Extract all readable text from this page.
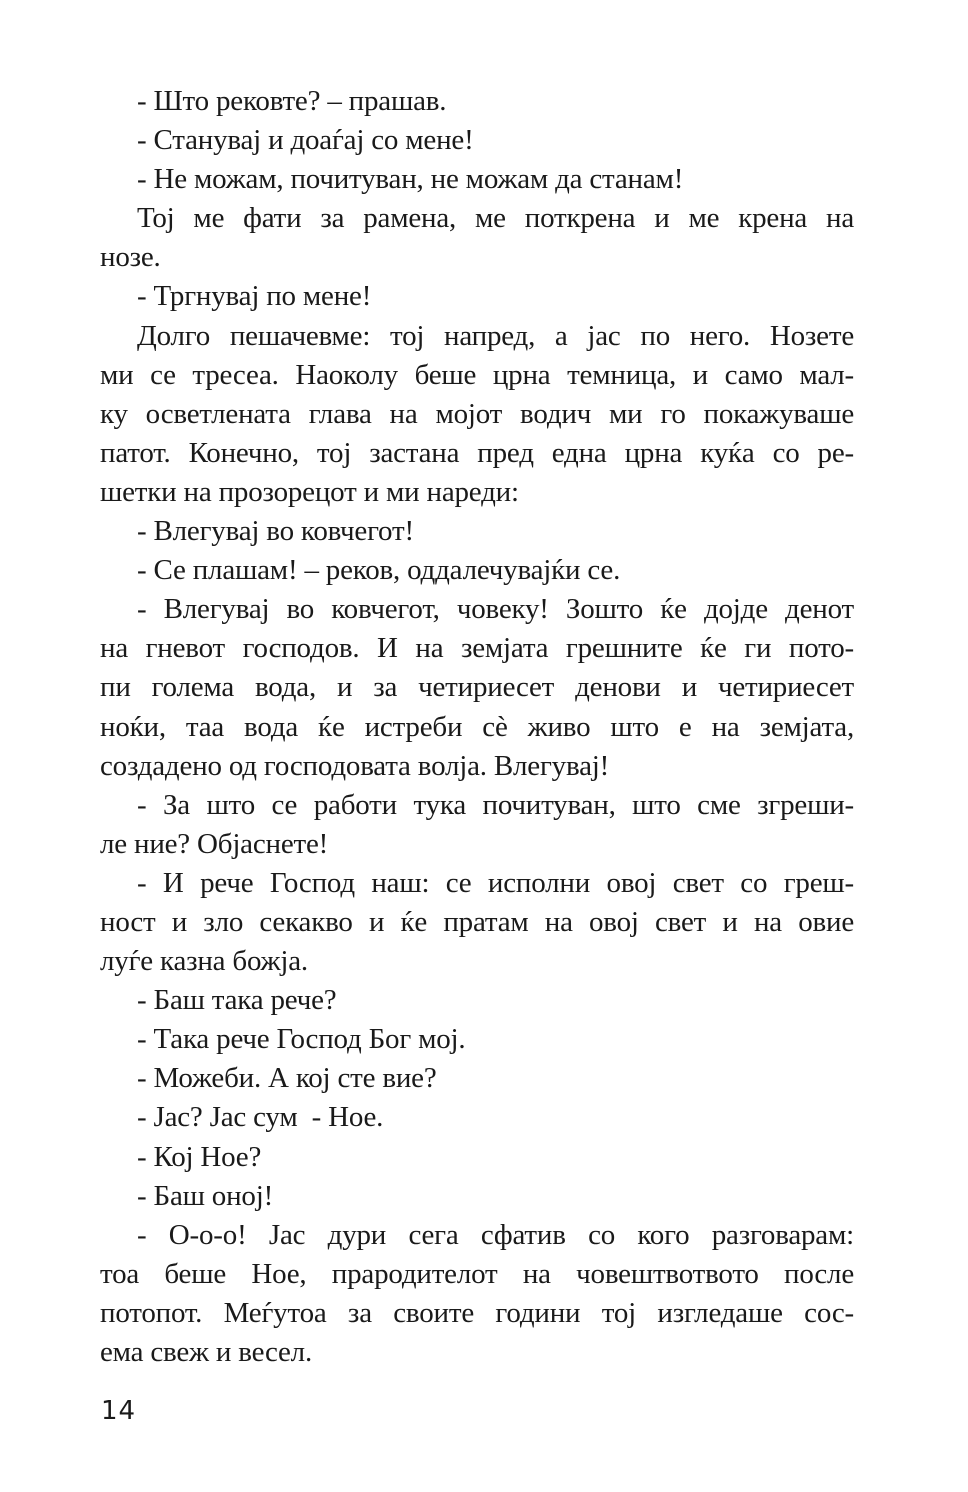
- Што рековте? – прашав.
- Станувај и доаѓај со мене!
- Не можам, почитуван, не можам да станам!
Тој ме фати за рамена, ме поткрена и ме крена на
нозе.
- Тргнувај по мене!
Долго пешачевме: тој напред, а јас по него. Нозете
ми се тресеа. Наоколу беше црна темница, и само мал-
ку осветлената глава на мојот водич ми го покажуваше
патот. Конечно, тој застана пред една црна куќа со ре-
шетки на прозорецот и ми нареди:
- Влегувај во ковчегот!
- Се плашам! – реков, оддалечувајќи се.
- Влегувај во ковчегот, човеку! Зошто ќе дојде денот
на гневот господов. И на земјата грешните ќе ги пото-
пи голема вода, и за четириесет денови и четириесет
ноќи, таа вода ќе истреби сѐ живо што е на земјата,
создадено од господовата волја. Влегувај!
- За што се работи тука почитуван, што сме згреши-
ле ние? Објаснете!
- И рече Господ наш: се исполни овој свет со греш-
ност и зло секакво и ќе пратам на овој свет и на овие
луѓе казна божја.
- Баш така рече?
- Така рече Господ Бог мој.
- Можеби. А кој сте вие?
- Јас? Јас сум  - Ное.
- Кој Ное?
- Баш оној!
- О-о-о! Јас дури сега сфатив со кого разговарам:
тоа беше Ное, прародителот на човештвотвото после
потопот. Меѓутоа за своите години тој изгледаше сос-
ема свеж и весел.
14
